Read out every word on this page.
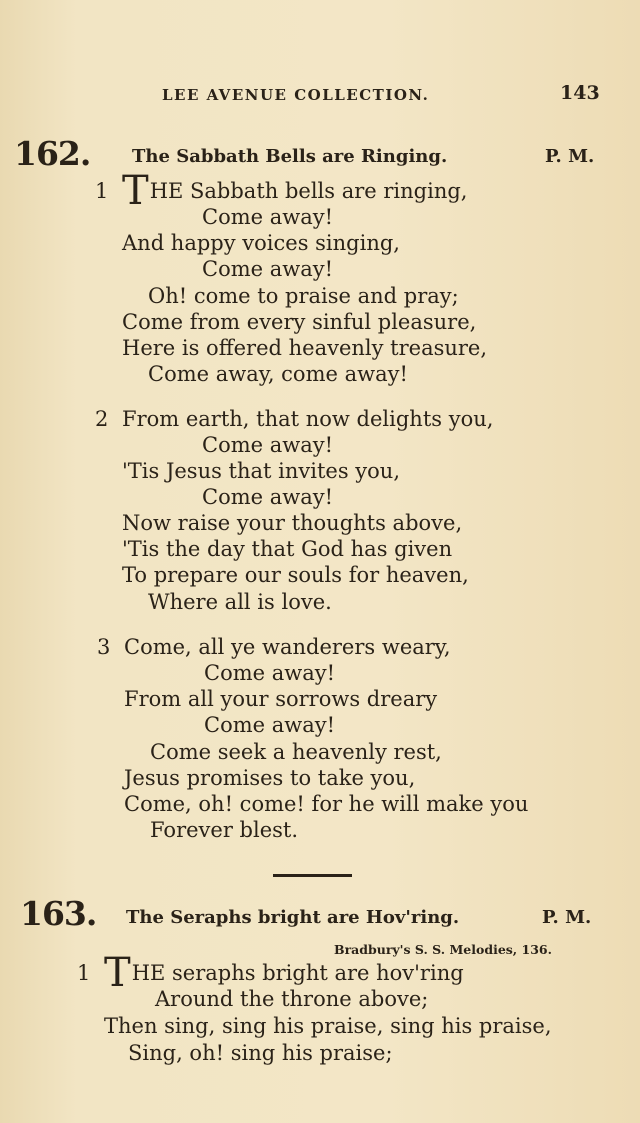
LEE AVENUE COLLECTION.	143
162. The Sabbath Bells are Ringing.	P. M.
1 THE Sabbath bells are ringing,
Come away!
And happy voices singing,
Come away!
Oh! come to praise and pray;
Come from every sinful pleasure,
Here is offered heavenly treasure,
Come away, come away!
2 From earth, that now delights you,
Come away!
'Tis Jesus that invites you,
Come away!
Now raise your thoughts above,
'Tis the day that God has given
To prepare our souls for heaven,
Where all is love.
3 Come, all ye wanderers weary,
Come away!
From all your sorrows dreary
Come away!
Come seek a heavenly rest,
Jesus promises to take you,
Come, oh! come! for he will make you
Forever blest.
163. The Seraphs bright are Hov'ring.	P. M.
Bradbury's S. S. Melodies, 136.
1 THE seraphs bright are hov'ring
Around the throne above;
Then sing, sing his praise, sing his praise,
Sing, oh! sing his praise;
